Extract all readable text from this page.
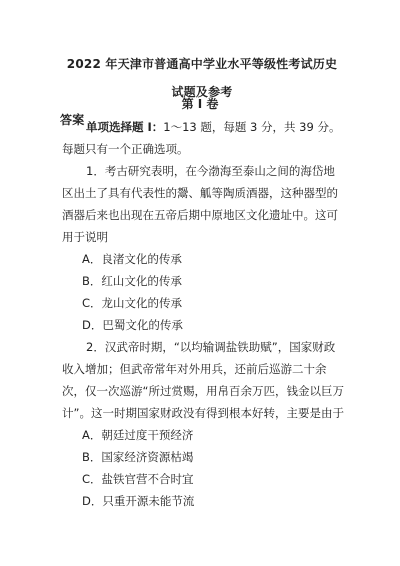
2022 年天津市普通高中学业水平等级性考试历史试题及参考
答案
第 I 卷

单项选择题 I：1～13 题，每题 3 分，共 39 分。每题只有一个正确选项。

1．考古研究表明，在今渤海至泰山之间的海岱地区出土了具有代表性的鬶、觚等陶质酒器，这种器型的酒器后来也出现在五帝后期中原地区文化遗址中。这可用于说明

A．良渚文化的传承
B．红山文化的传承
C．龙山文化的传承
D．巴蜀文化的传承

2．汉武帝时期，“以均输调盐铁助赋”，国家财政收入增加；但武帝常年对外用兵，还前后巡游二十余次，仅一次巡游“所过赏赐，用帛百余万匹，钱金以巨万计”。这一时期国家财政没有得到根本好转，主要是由于

A．朝廷过度干预经济
B．国家经济资源枯竭
C．盐铁官营不合时宜
D．只重开源未能节流
